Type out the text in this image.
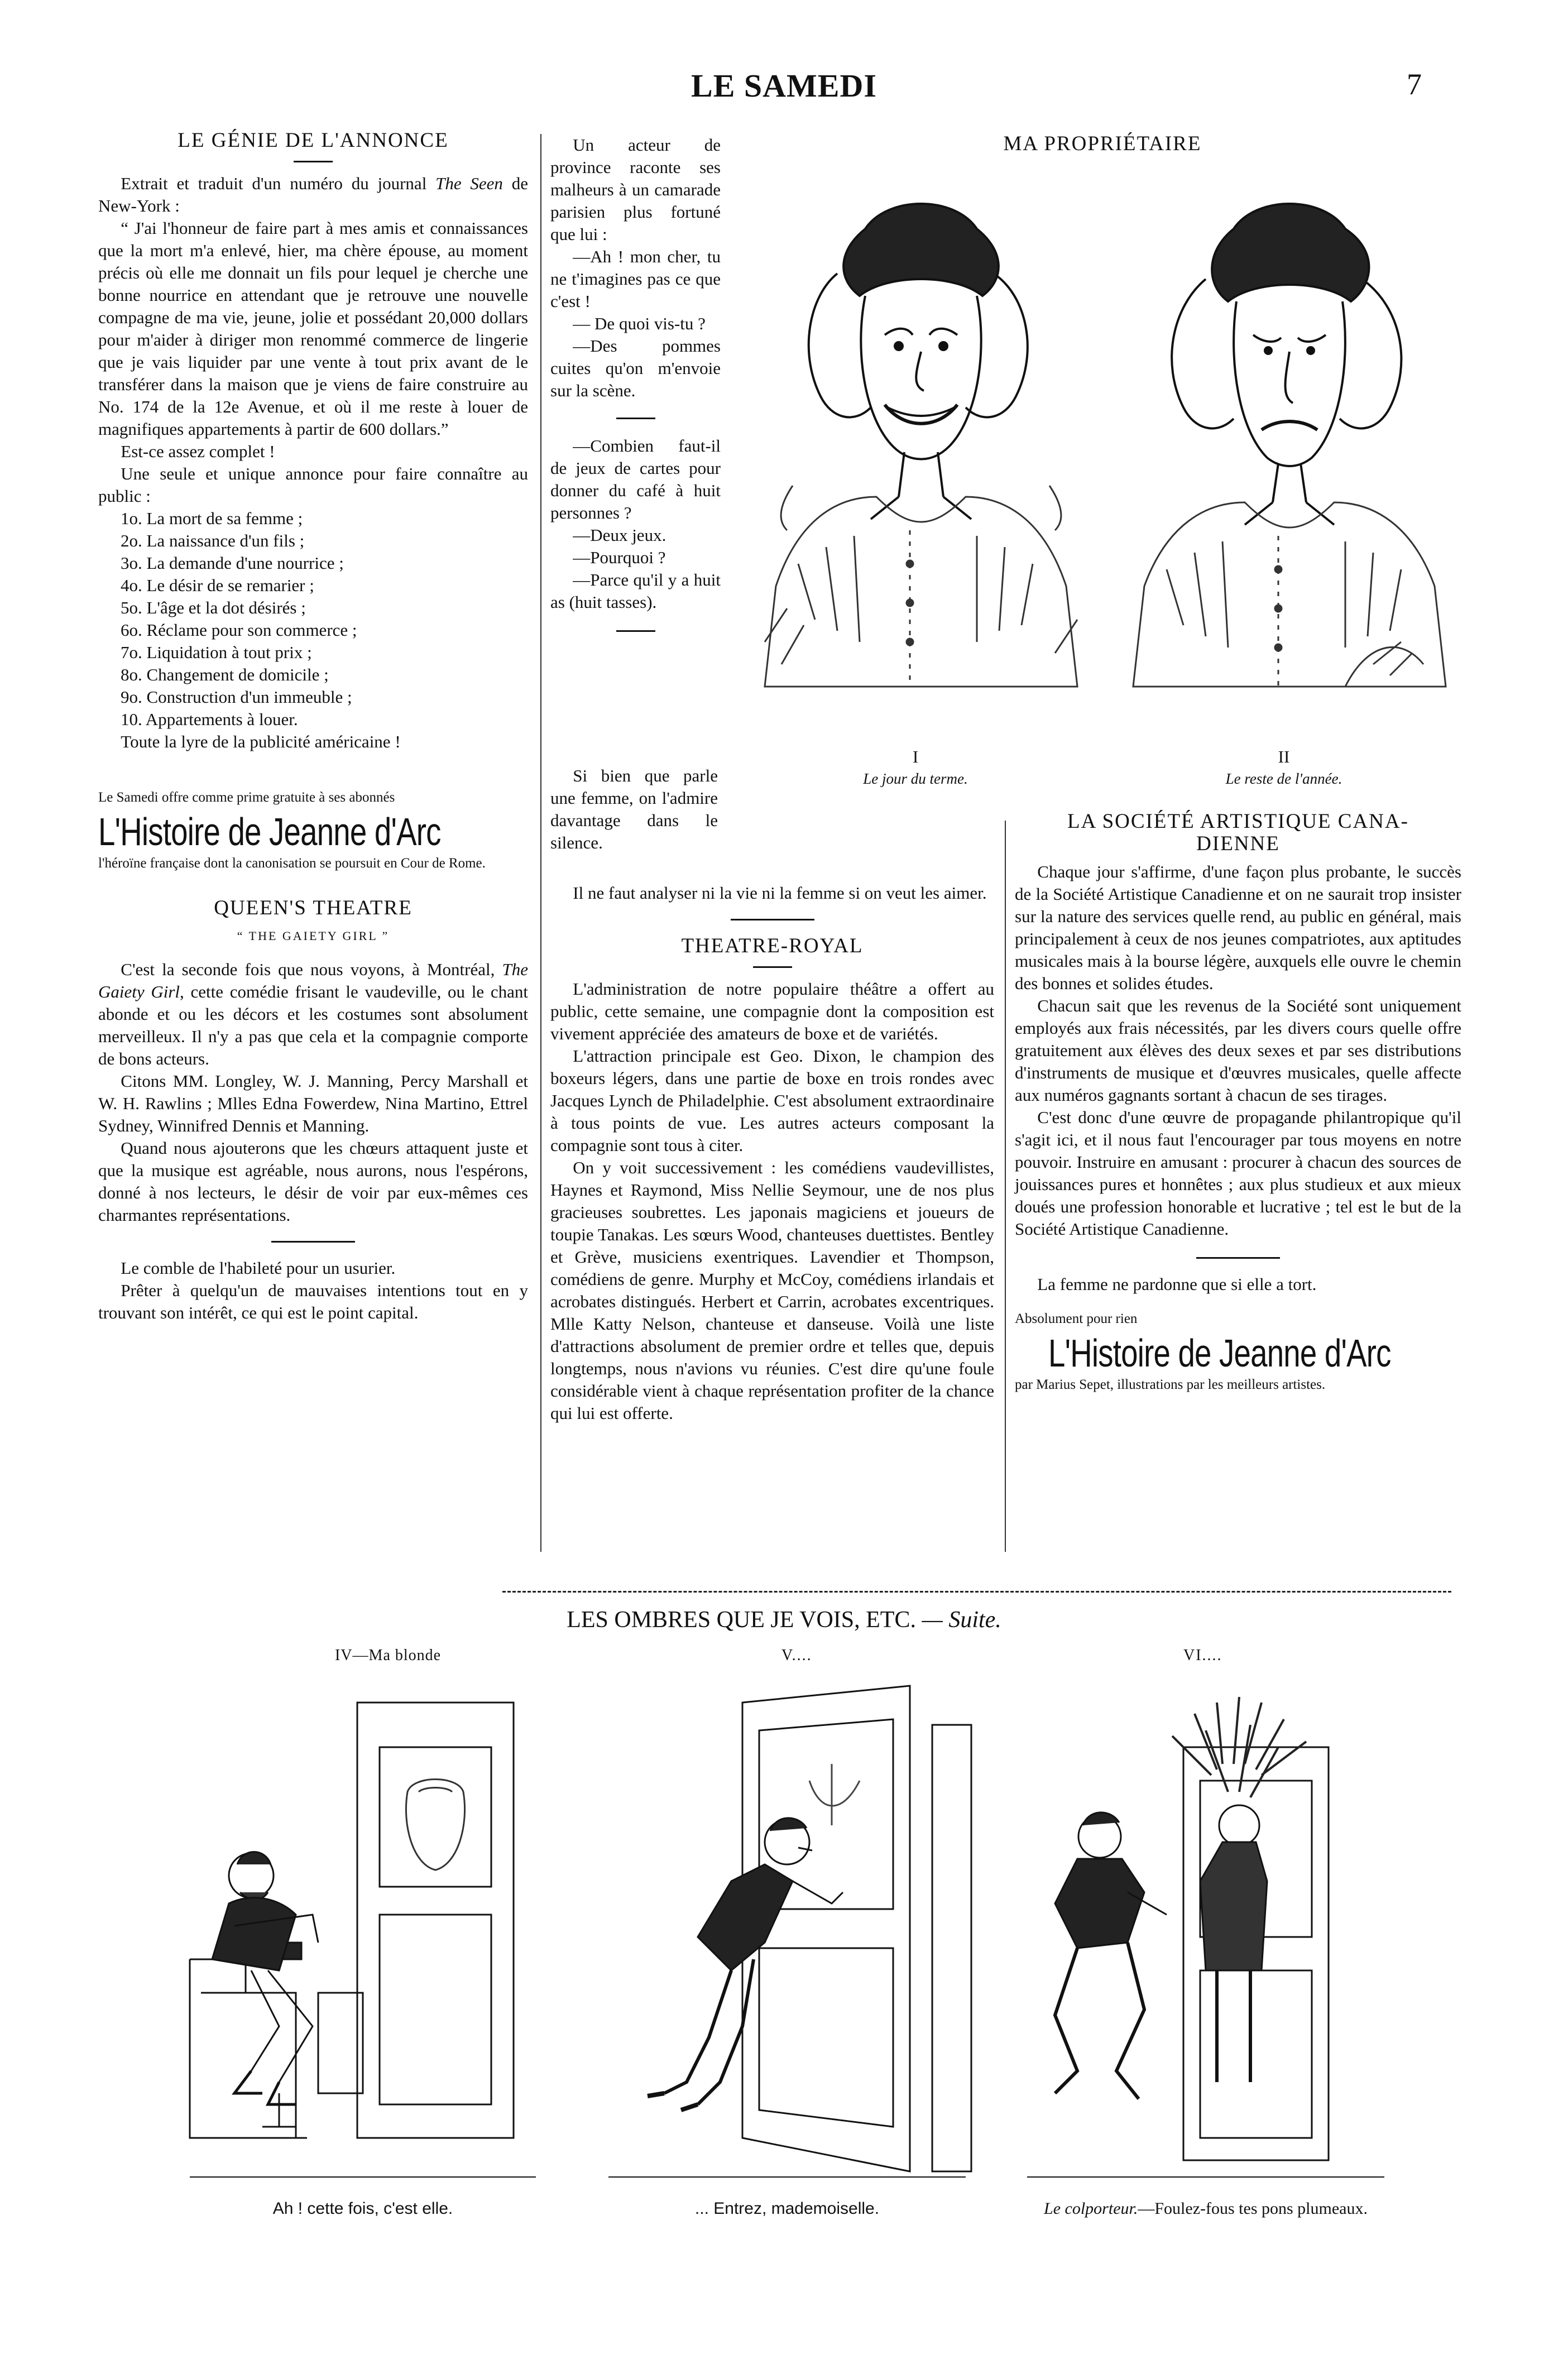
LE SAMEDI	7
LE GÉNIE DE L'ANNONCE

Extrait et traduit d'un numéro du journal The Seen de New-York :

“ J'ai l'honneur de faire part à mes amis et connaissances que la mort m'a enlevé, hier, ma chère épouse, au moment précis où elle me donnait un fils pour lequel je cherche une bonne nourrice en attendant que je retrouve une nouvelle compagne de ma vie, jeune, jolie et possédant 20,000 dollars pour m'aider à diriger mon renommé commerce de lingerie que je vais liquider par une vente à tout prix avant de le transférer dans la maison que je viens de faire construire au No. 174 de la 12e Avenue, et où il me reste à louer de magnifiques appartements à partir de 600 dollars.”

Est-ce assez complet !

Une seule et unique annonce pour faire connaître au public :

1o. La mort de sa femme ;
2o. La naissance d'un fils ;
3o. La demande d'une nourrice ;
4o. Le désir de se remarier ;
5o. L'âge et la dot désirés ;
6o. Réclame pour son commerce ;
7o. Liquidation à tout prix ;
8o. Changement de domicile ;
9o. Construction d'un immeuble ;
10. Appartements à louer.

Toute la lyre de la publicité américaine !

Le Samedi offre comme prime gratuite à ses abonnés

L'Histoire de Jeanne d'Arc

l'héroïne française dont la canonisation se poursuit en Cour de Rome.

QUEEN'S THEATRE
“ THE GAIETY GIRL ”

C'est la seconde fois que nous voyons, à Montréal, The Gaiety Girl, cette comédie frisant le vaudeville, ou le chant abonde et ou les décors et les costumes sont absolument merveilleux. Il n'y a pas que cela et la compagnie comporte de bons acteurs.

Citons MM. Longley, W. J. Manning, Percy Marshall et W. H. Rawlins ; Mlles Edna Fowerdew, Nina Martino, Ettrel Sydney, Winnifred Dennis et Manning.

Quand nous ajouterons que les chœurs attaquent juste et que la musique est agréable, nous aurons, nous l'espérons, donné à nos lecteurs, le désir de voir par eux-mêmes ces charmantes représentations.

Le comble de l'habileté pour un usurier.

Prêter à quelqu'un de mauvaises intentions tout en y trouvant son intérêt, ce qui est le point capital.

Un acteur de province raconte ses malheurs à un camarade parisien plus fortuné que lui :

—Ah ! mon cher, tu ne t'imagines pas ce que c'est !

— De quoi vis-tu ?

—Des pommes cuites qu'on m'envoie sur la scène.

—Combien faut-il de jeux de cartes pour donner du café à huit personnes ?

—Deux jeux.

—Pourquoi ?

—Parce qu'il y a huit as (huit tasses).

Si bien que parle une femme, on l'admire davantage dans le silence.

Il ne faut analyser ni la vie ni la femme si on veut les aimer.

THEATRE-ROYAL

L'administration de notre populaire théâtre a offert au public, cette semaine, une compagnie dont la composition est vivement appréciée des amateurs de boxe et de variétés.

L'attraction principale est Geo. Dixon, le champion des boxeurs légers, dans une partie de boxe en trois rondes avec Jacques Lynch de Philadelphie. C'est absolument extraordinaire à tous points de vue. Les autres acteurs composant la compagnie sont tous à citer.

On y voit successivement : les comédiens vaudevillistes, Haynes et Raymond, Miss Nellie Seymour, une de nos plus gracieuses soubrettes. Les japonais magiciens et joueurs de toupie Tanakas. Les sœurs Wood, chanteuses duettistes. Bentley et Grève, musiciens exentriques. Lavendier et Thompson, comédiens de genre. Murphy et McCoy, comédiens irlandais et acrobates distingués. Herbert et Carrin, acrobates excentriques. Mlle Katty Nelson, chanteuse et danseuse. Voilà une liste d'attractions absolument de premier ordre et telles que, depuis longtemps, nous n'avions vu réunies. C'est dire qu'une foule considérable vient à chaque représentation profiter de la chance qui lui est offerte.

MA PROPRIÉTAIRE
I
Le jour du terme.
II
Le reste de l'année.
LA SOCIÉTÉ ARTISTIQUE CANA-
DIENNE

Chaque jour s'affirme, d'une façon plus probante, le succès de la Société Artistique Canadienne et on ne saurait trop insister sur la nature des services quelle rend, au public en général, mais principalement à ceux de nos jeunes compatriotes, aux aptitudes musicales mais à la bourse légère, auxquels elle ouvre le chemin des bonnes et solides études.

Chacun sait que les revenus de la Société sont uniquement employés aux frais nécessités, par les divers cours quelle offre gratuitement aux élèves des deux sexes et par ses distributions d'instruments de musique et d'œuvres musicales, quelle affecte aux numéros gagnants sortant à chacun de ses tirages.

C'est donc d'une œuvre de propagande philantropique qu'il s'agit ici, et il nous faut l'encourager par tous moyens en notre pouvoir. Instruire en amusant : procurer à chacun des sources de jouissances pures et honnêtes ; aux plus studieux et aux mieux doués une profession honorable et lucrative ; tel est le but de la Société Artistique Canadienne.

La femme ne pardonne que si elle a tort.

Absolument pour rien

L'Histoire de Jeanne d'Arc

par Marius Sepet, illustrations par les meilleurs artistes.

LES OMBRES QUE JE VOIS, ETC. — Suite.
IV—Ma blonde	V....	VI....
Ah ! cette fois, c'est elle.	... Entrez, mademoiselle.	Le colporteur.—Foulez-fous tes pons plumeaux.
